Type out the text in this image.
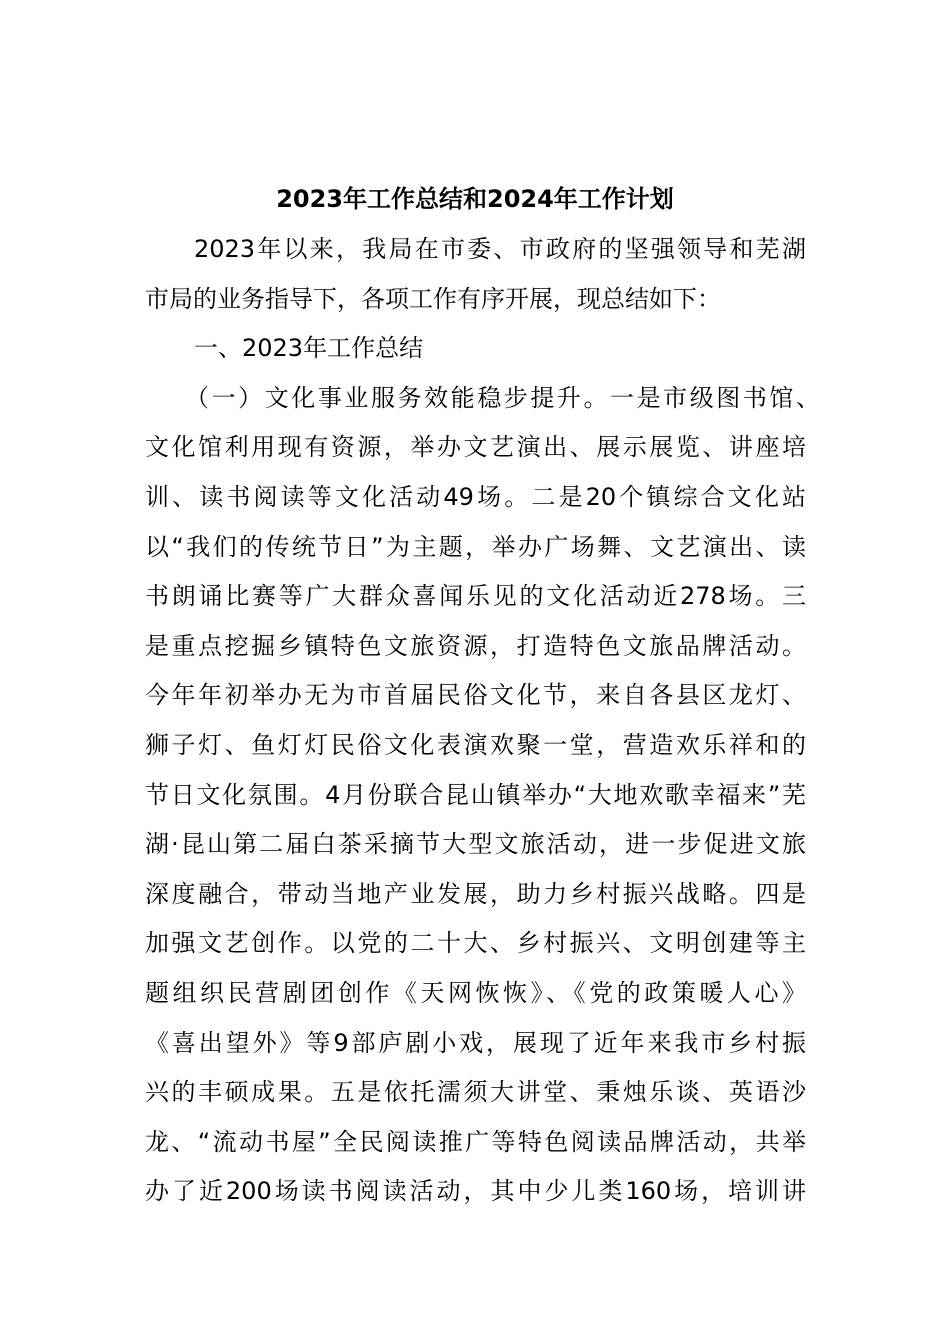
2023年工作总结和2024年工作计划
2023年以来，我局在市委、市政府的坚强领导和芜湖
市局的业务指导下，各项工作有序开展，现总结如下：
一、2023年工作总结
（一）文化事业服务效能稳步提升。一是市级图书馆、
文化馆利用现有资源，举办文艺演出、展示展览、讲座培
训、读书阅读等文化活动49场。二是20个镇综合文化站
以“我们的传统节日”为主题，举办广场舞、文艺演出、读
书朗诵比赛等广大群众喜闻乐见的文化活动近278场。三
是重点挖掘乡镇特色文旅资源，打造特色文旅品牌活动。
今年年初举办无为市首届民俗文化节，来自各县区龙灯、
狮子灯、鱼灯灯民俗文化表演欢聚一堂，营造欢乐祥和的
节日文化氛围。4月份联合昆山镇举办“大地欢歌幸福来”芜
湖·昆山第二届白茶采摘节大型文旅活动，进一步促进文旅
深度融合，带动当地产业发展，助力乡村振兴战略。四是
加强文艺创作。以党的二十大、乡村振兴、文明创建等主
题组织民营剧团创作《天网恢恢》、《党的政策暖人心》
《喜出望外》等9部庐剧小戏，展现了近年来我市乡村振
兴的丰硕成果。五是依托濡须大讲堂、秉烛乐谈、英语沙
龙、“流动书屋”全民阅读推广等特色阅读品牌活动，共举
办了近200场读书阅读活动，其中少儿类160场，培训讲
